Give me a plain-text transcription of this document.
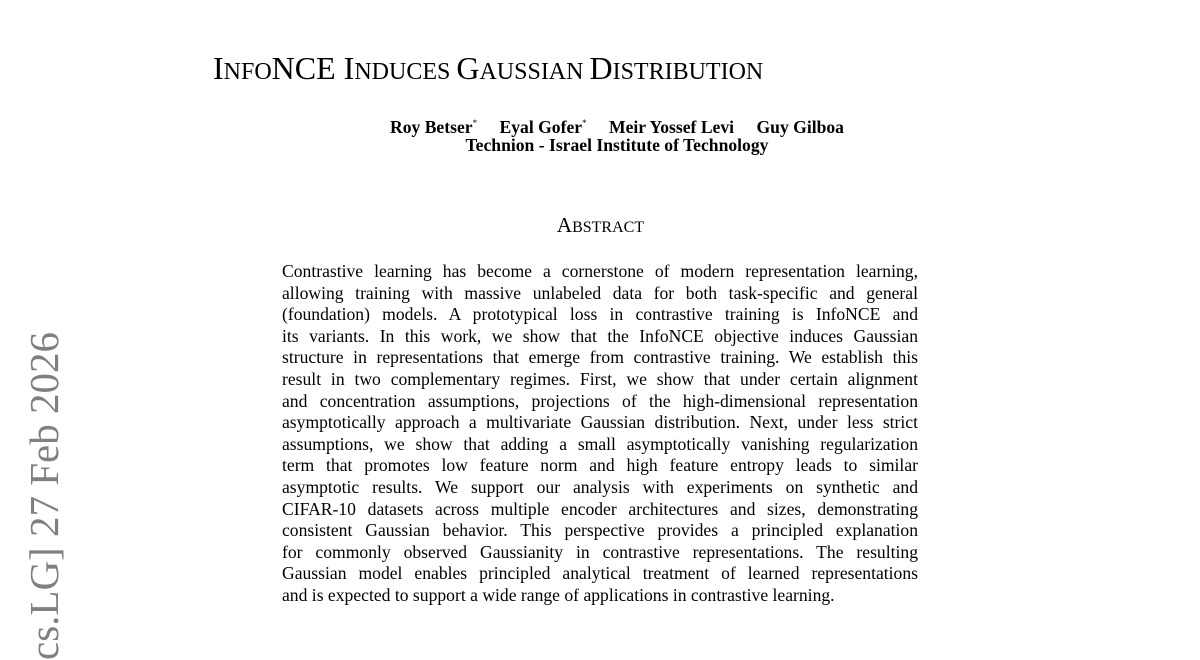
INFONCE INDUCES GAUSSIAN DISTRIBUTION
Roy Betser* Eyal Gofer* Meir Yossef Levi Guy Gilboa
Technion - Israel Institute of Technology
ABSTRACT
Contrastive learning has become a cornerstone of modern representation learning,
allowing training with massive unlabeled data for both task-specific and general
(foundation) models. A prototypical loss in contrastive training is InfoNCE and
its variants. In this work, we show that the InfoNCE objective induces Gaussian
structure in representations that emerge from contrastive training. We establish this
result in two complementary regimes. First, we show that under certain alignment
and concentration assumptions, projections of the high-dimensional representation
asymptotically approach a multivariate Gaussian distribution. Next, under less strict
assumptions, we show that adding a small asymptotically vanishing regularization
term that promotes low feature norm and high feature entropy leads to similar
asymptotic results. We support our analysis with experiments on synthetic and
CIFAR-10 datasets across multiple encoder architectures and sizes, demonstrating
consistent Gaussian behavior. This perspective provides a principled explanation
for commonly observed Gaussianity in contrastive representations. The resulting
Gaussian model enables principled analytical treatment of learned representations
and is expected to support a wide range of applications in contrastive learning.
cs.LG] 27 Feb 2026
